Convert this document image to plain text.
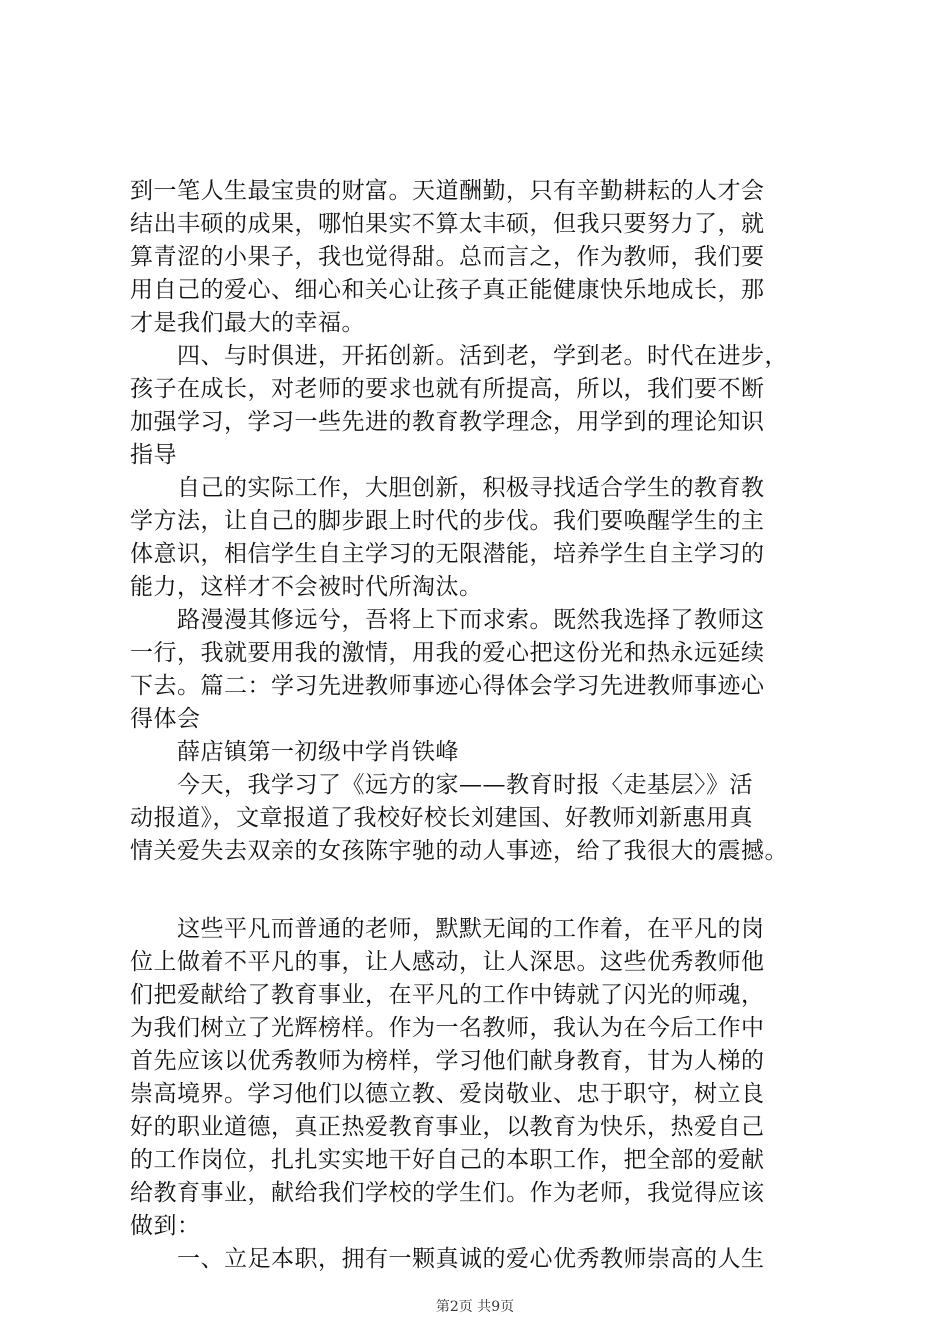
到一笔人生最宝贵的财富。天道酬勤，只有辛勤耕耘的人才会
结出丰硕的成果，哪怕果实不算太丰硕，但我只要努力了，就
算青涩的小果子，我也觉得甜。总而言之，作为教师，我们要
用自己的爱心、细心和关心让孩子真正能健康快乐地成长，那
才是我们最大的幸福。
　　四、与时俱进，开拓创新。活到老，学到老。时代在进步，
孩子在成长，对老师的要求也就有所提高，所以，我们要不断
加强学习，学习一些先进的教育教学理念，用学到的理论知识
指导
　　自己的实际工作，大胆创新，积极寻找适合学生的教育教
学方法，让自己的脚步跟上时代的步伐。我们要唤醒学生的主
体意识，相信学生自主学习的无限潜能，培养学生自主学习的
能力，这样才不会被时代所淘汰。
　　路漫漫其修远兮，吾将上下而求索。既然我选择了教师这
一行，我就要用我的激情，用我的爱心把这份光和热永远延续
下去。篇二：学习先进教师事迹心得体会学习先进教师事迹心
得体会
　　薛店镇第一初级中学肖铁峰
　　今天，我学习了《远方的家——教育时报〈走基层〉》活
动报道》，文章报道了我校好校长刘建国、好教师刘新惠用真
情关爱失去双亲的女孩陈宇驰的动人事迹，给了我很大的震撼。
　　这些平凡而普通的老师，默默无闻的工作着，在平凡的岗
位上做着不平凡的事，让人感动，让人深思。这些优秀教师他
们把爱献给了教育事业，在平凡的工作中铸就了闪光的师魂，
为我们树立了光辉榜样。作为一名教师，我认为在今后工作中
首先应该以优秀教师为榜样，学习他们献身教育，甘为人梯的
崇高境界。学习他们以德立教、爱岗敬业、忠于职守，树立良
好的职业道德，真正热爱教育事业，以教育为快乐，热爱自己
的工作岗位，扎扎实实地干好自己的本职工作，把全部的爱献
给教育事业，献给我们学校的学生们。作为老师，我觉得应该
做到：
　　一、立足本职，拥有一颗真诚的爱心优秀教师崇高的人生
第2页 共9页
